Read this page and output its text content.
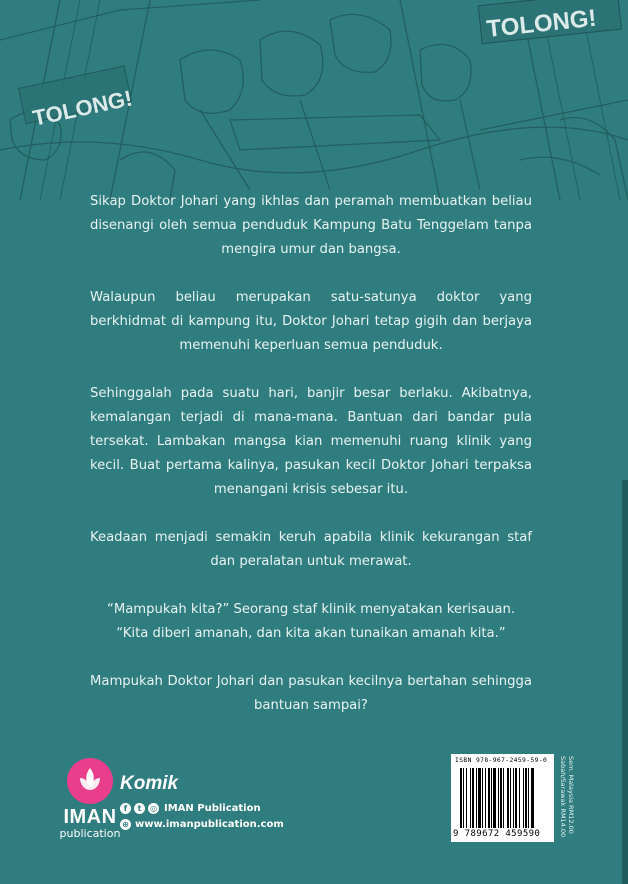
TOLONG!
TOLONG!

Sikap Doktor Johari yang ikhlas dan peramah membuatkan beliau disenangi oleh semua penduduk Kampung Batu Tenggelam tanpa mengira umur dan bangsa.

Walaupun beliau merupakan satu-satunya doktor yang berkhidmat di kampung itu, Doktor Johari tetap gigih dan berjaya memenuhi keperluan semua penduduk.

Sehinggalah pada suatu hari, banjir besar berlaku. Akibatnya, kemalangan terjadi di mana-mana. Bantuan dari bandar pula tersekat. Lambakan mangsa kian memenuhi ruang klinik yang kecil. Buat pertama kalinya, pasukan kecil Doktor Johari terpaksa menangani krisis sebesar itu.

Keadaan menjadi semakin keruh apabila klinik kekurangan staf dan peralatan untuk merawat.

“Mampukah kita?” Seorang staf klinik menyatakan kerisauan. “Kita diberi amanah, dan kita akan tunaikan amanah kita.”

Mampukah Doktor Johari dan pasukan kecilnya bertahan sehingga bantuan sampai?

IMAN
publication
Komik
f	t	◎ IMAN Publication
⊕ www.imanpublication.com
ISBN 978-967-2459-59-0
9 789672 459590
Sem. Malaysia RM12.00
Sabah/Sarawak RM14.00
